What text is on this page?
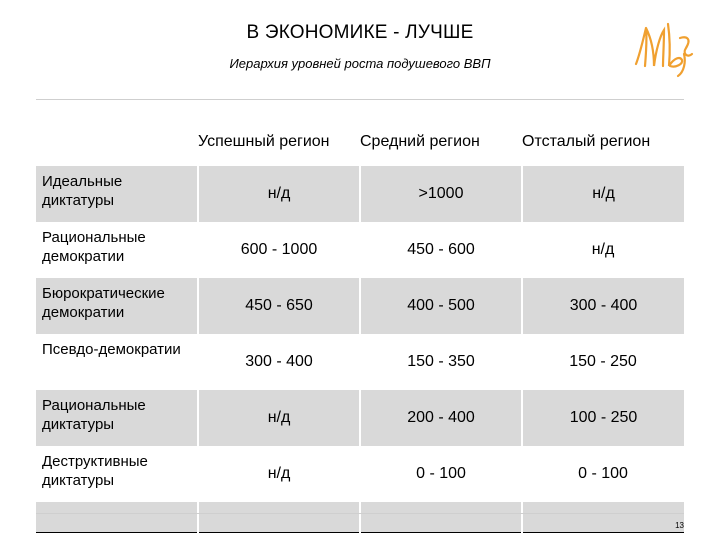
В ЭКОНОМИКЕ - ЛУЧШЕ
Иерархия уровней роста подушевого ВВП
	Успешный регион	Средний регион	Отсталый регион
Идеальные диктатуры	н/д	>1000	н/д
Рациональные демократии	600 - 1000	450 - 600	н/д
Бюрократические демократии	450 - 650	400 - 500	300 - 400
Псевдо-демократии	300 - 400	150 - 350	150 - 250
Рациональные диктатуры	н/д	200 - 400	100 - 250
Деструктивные диктатуры	н/д	0 - 100	0 - 100

13
